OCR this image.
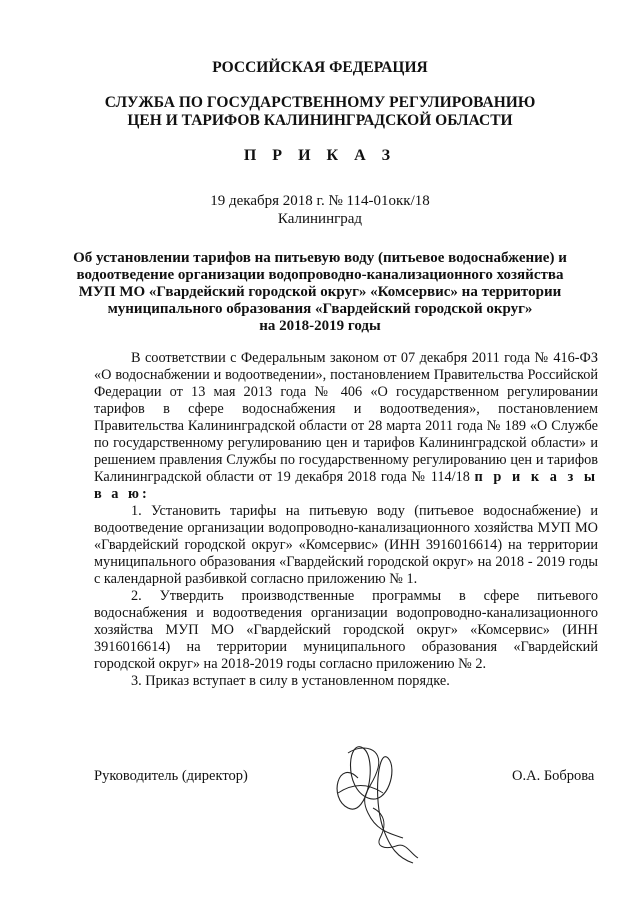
РОССИЙСКАЯ ФЕДЕРАЦИЯ
СЛУЖБА ПО ГОСУДАРСТВЕННОМУ РЕГУЛИРОВАНИЮ
ЦЕН И ТАРИФОВ КАЛИНИНГРАДСКОЙ ОБЛАСТИ
П Р И К А З
19 декабря 2018 г. № 114-01окк/18
Калининград
Об установлении тарифов на питьевую воду (питьевое водоснабжение) и
водоотведение организации водопроводно-канализационного хозяйства
МУП МО «Гвардейский городской округ» «Комсервис» на территории
муниципального образования «Гвардейский городской округ»
на 2018-2019 годы

В соответствии с Федеральным законом от 07 декабря 2011 года № 416-ФЗ «О водоснабжении и водоотведении», постановлением Правительства Российской Федерации от 13 мая 2013 года № 406 «О государственном регулировании тарифов в сфере водоснабжения и водоотведения», постановлением Правительства Калининградской области от 28 марта 2011 года № 189 «О Службе по государственному регулированию цен и тарифов Калининградской области» и решением правления Службы по государственному регулированию цен и тарифов Калининградской области от 19 декабря 2018 года № 114/18 п р и к а з ы в а ю:

1. Установить тарифы на питьевую воду (питьевое водоснабжение) и водоотведение организации водопроводно-канализационного хозяйства МУП МО «Гвардейский городской округ» «Комсервис» (ИНН 3916016614) на территории муниципального образования «Гвардейский городской округ» на 2018 - 2019 годы с календарной разбивкой согласно приложению № 1.

2. Утвердить производственные программы в сфере питьевого водоснабжения и водоотведения организации водопроводно-канализационного хозяйства МУП МО «Гвардейский городской округ» «Комсервис» (ИНН 3916016614) на территории муниципального образования «Гвардейский городской округ» на 2018-2019 годы согласно приложению № 2.

3. Приказ вступает в силу в установленном порядке.

Руководитель (директор)	О.А. Боброва
